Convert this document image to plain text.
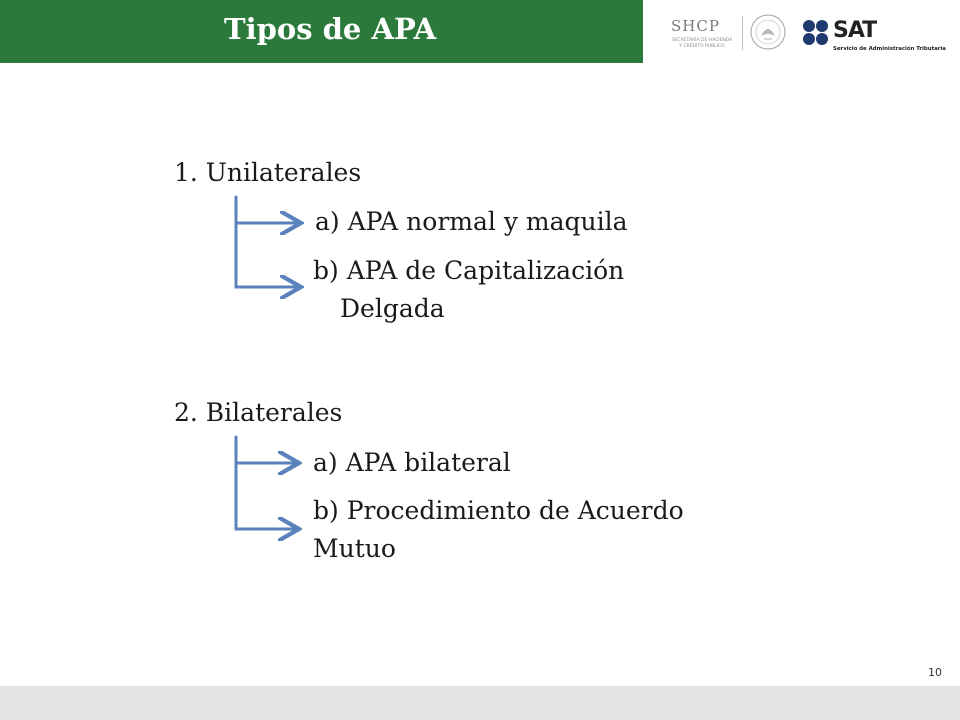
Tipos de APA	SHCP
SECRETARÍA DE HACIENDA
Y CRÉDITO PÚBLICO
SAT
Servicio de Administración Tributaria
1. Unilaterales
a) APA normal y maquila
b) APA de Capitalización
Delgada
2. Bilaterales
a) APA bilateral
b) Procedimiento de Acuerdo
Mutuo
10
